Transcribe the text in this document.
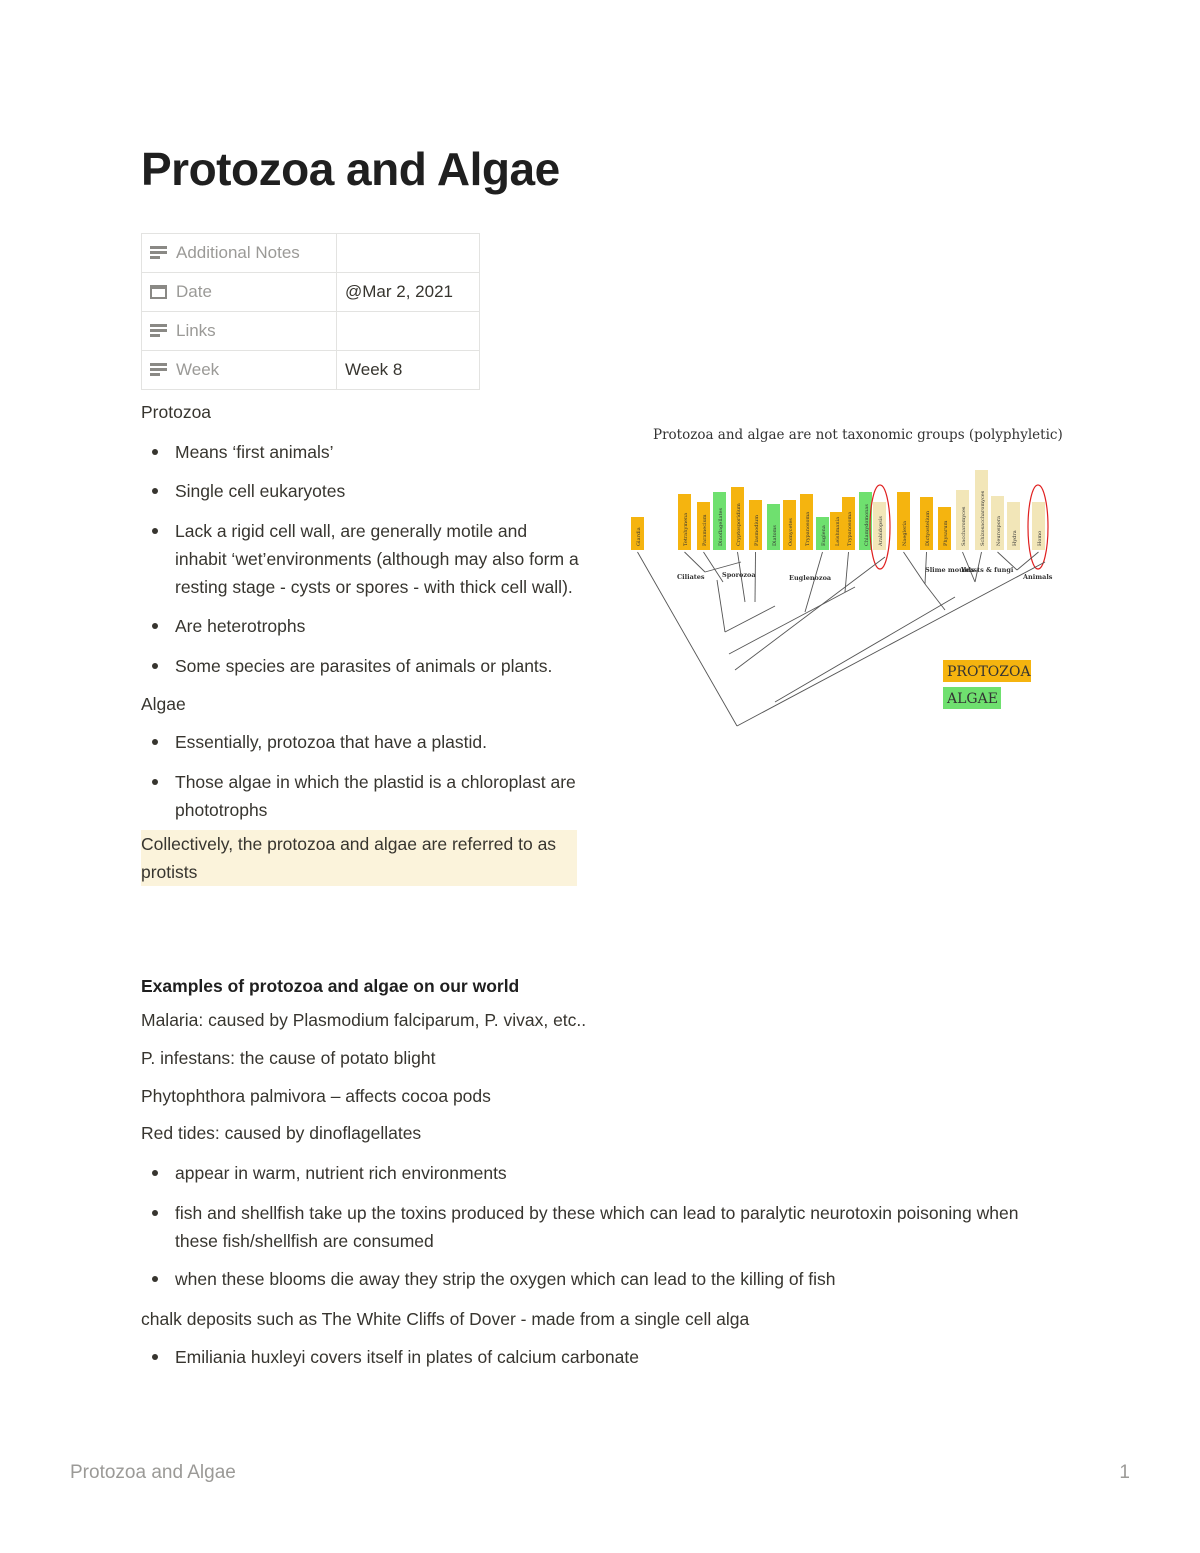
Protozoa and Algae
Additional Notes	
Date	@Mar 2, 2021
Links	
Week	Week 8

Protozoa

Means ‘first animals’
Single cell eukaryotes
Lack a rigid cell wall, are generally motile and inhabit ‘wet’environments (although may also form a resting stage - cysts or spores - with thick cell wall).
Are heterotrophs
Some species are parasites of animals or plants.

Algae

Essentially, protozoa that have a plastid.
Those algae in which the plastid is a chloroplast are phototrophs

Collectively, the protozoa and algae are referred to as protists

Protozoa and algae are not taxonomic groups (polyphyletic)

Giardia	Tetrahymena	Paramecium Dinoflagellates Cryptosporidium Plasmodium Diatoms Oomycetes Trypanosoma Euglena Leishmania Trypanosoma Chlamydomonas Arabidopsis	Naegleria	Dictyostelium Physarum Saccharomyces	Schizosaccharomyces Neurospora Hydra	Homo
Ciliates	Sporozoa	Euglenozoa
Slime moulds
Yeasts & fungi
Animals
PROTOZOA
ALGAE

Examples of protozoa and algae on our world

Malaria: caused by Plasmodium falciparum, P. vivax, etc..

P. infestans: the cause of potato blight

Phytophthora palmivora – affects cocoa pods

Red tides: caused by dinoflagellates

appear in warm, nutrient rich environments
fish and shellfish take up the toxins produced by these which can lead to paralytic neurotoxin poisoning when these fish/shellfish are consumed
when these blooms die away they strip the oxygen which can lead to the killing of fish

chalk deposits such as The White Cliffs of Dover - made from a single cell alga

Emiliania huxleyi covers itself in plates of calcium carbonate

Protozoa and Algae	1
